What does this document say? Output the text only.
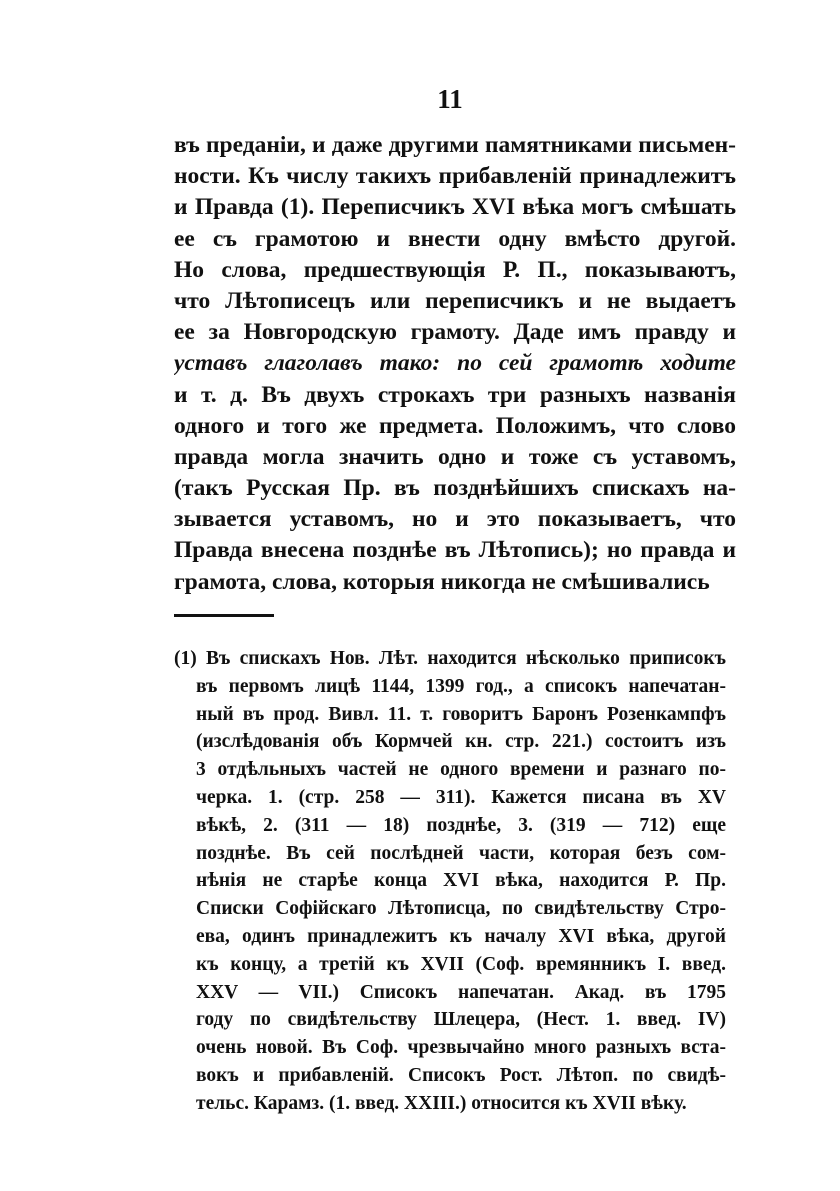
11
въ преданіи, и даже другими памятниками письмен-
ности. Къ числу такихъ прибавленій принадлежитъ
и Правда (1). Переписчикъ XVI вѣка могъ смѣшать
ее съ грамотою и внести одну вмѣсто другой.
Но слова, предшествующія Р. П., показываютъ,
что Лѣтописецъ или переписчикъ и не выдаетъ
ее за Новгородскую грамоту. Даде имъ правду и
уставъ глаголавъ тако: по сей грамотѣ ходите
и т. д. Въ двухъ строкахъ три разныхъ названія
одного и того же предмета. Положимъ, что слово
правда могла значить одно и тоже съ уставомъ,
(такъ Русская Пр. въ позднѣйшихъ спискахъ на-
зывается уставомъ, но и это показываетъ, что
Правда внесена позднѣе въ Лѣтопись); но правда и
грамота, слова, которыя никогда не смѣшивались
(1) Въ спискахъ Нов. Лѣт. находится нѣсколько приписокъ
въ первомъ лицѣ 1144, 1399 год., а списокъ напечатан-
ный въ прод. Вивл. 11. т. говоритъ Баронъ Розенкампфъ
(изслѣдованія объ Кормчей кн. стр. 221.) состоитъ изъ
3 отдѣльныхъ частей не одного времени и разнаго по-
черка. 1. (стр. 258 — 311). Кажется писана въ XV
вѣкѣ, 2. (311 — 18) позднѣе, 3. (319 — 712) еще
позднѣе. Въ сей послѣдней части, которая безъ сом-
нѣнія не старѣе конца XVI вѣка, находится Р. Пр.
Списки Софійскаго Лѣтописца, по свидѣтельству Стро-
ева, одинъ принадлежитъ къ началу XVI вѣка, другой
къ концу, а третій къ XVII (Соф. времянникъ I. введ.
XXV — VII.) Списокъ напечатан. Акад. въ 1795
году по свидѣтельству Шлецера, (Нест. 1. введ. IV)
очень новой. Въ Соф. чрезвычайно много разныхъ вста-
вокъ и прибавленій. Списокъ Рост. Лѣтоп. по свидѣ-
тельс. Карамз. (1. введ. XXIII.) относится къ XVII вѣку.
